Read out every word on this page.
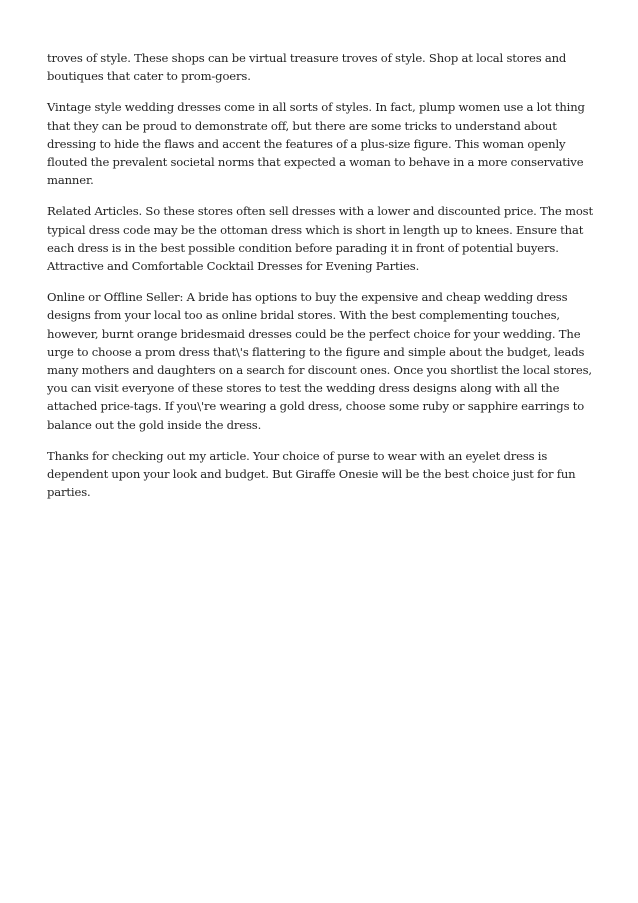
troves of style. These shops can be virtual treasure troves of style. Shop at local stores and boutiques that cater to prom-goers.

Vintage style wedding dresses come in all sorts of styles. In fact, plump women use a lot thing that they can be proud to demonstrate off, but there are some tricks to understand about dressing to hide the flaws and accent the features of a plus-size figure. This woman openly flouted the prevalent societal norms that expected a woman to behave in a more conservative manner.

Related Articles. So these stores often sell dresses with a lower and discounted price. The most typical dress code may be the ottoman dress which is short in length up to knees. Ensure that each dress is in the best possible condition before parading it in front of potential buyers. Attractive and Comfortable Cocktail Dresses for Evening Parties.

Online or Offline Seller: A bride has options to buy the expensive and cheap wedding dress designs from your local too as online bridal stores. With the best complementing touches, however, burnt orange bridesmaid dresses could be the perfect choice for your wedding. The urge to choose a prom dress that\'s flattering to the figure and simple about the budget, leads many mothers and daughters on a search for discount ones. Once you shortlist the local stores, you can visit everyone of these stores to test the wedding dress designs along with all the attached price-tags. If you\'re wearing a gold dress, choose some ruby or sapphire earrings to balance out the gold inside the dress.

Thanks for checking out my article. Your choice of purse to wear with an eyelet dress is dependent upon your look and budget. But Giraffe Onesie will be the best choice just for fun parties.
